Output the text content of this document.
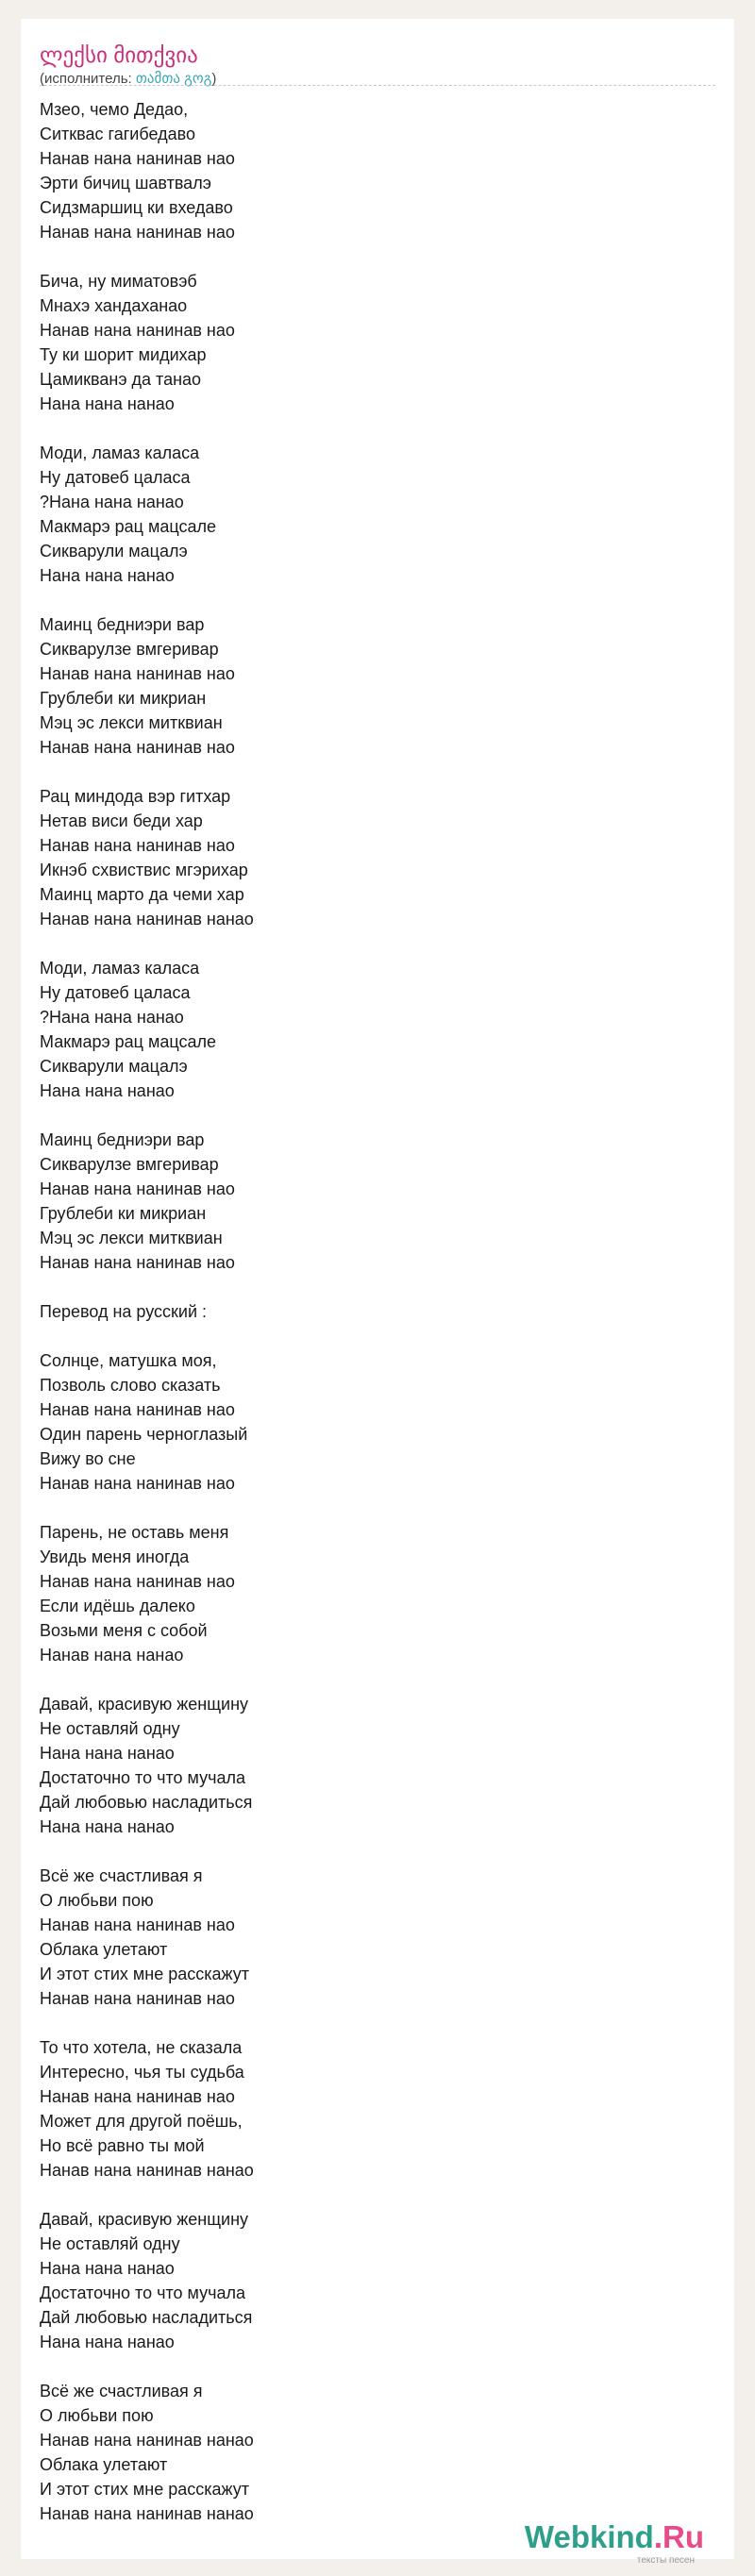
ლექსი მითქვია
(исполнитель: თამთა გოგ)
Мзео, чемо Дедао,
Ситквас гагибедаво
Нанав нана нанинав нао
Эрти бичиц шавтвалэ
Сидзмаршиц ки вхедаво
Нанав нана нанинав нао
Бича, ну миматовэб
Мнахэ хандаханао
Нанав нана нанинав нао
Ту ки шорит мидихар
Цамикванэ да танао
Нана нана нанао
Моди, ламаз каласа
Ну датовеб цаласа
?Нана нана нанао
Макмарэ рац мацсале
Сикварули мацалэ
Нана нана нанао
Маинц бедниэри вар
Сикварулзе вмгеривар
Нанав нана нанинав нао
Грублеби ки микриан
Мэц эс лекси митквиан
Нанав нана нанинав нао
Рац миндода вэр гитхар
Нетав виси беди хар
Нанав нана нанинав нао
Икнэб схвиствис мгэрихар
Маинц марто да чеми хар
Нанав нана нанинав нанао
Моди, ламаз каласа
Ну датовеб цаласа
?Нана нана нанао
Макмарэ рац мацсале
Сикварули мацалэ
Нана нана нанао
Маинц бедниэри вар
Сикварулзе вмгеривар
Нанав нана нанинав нао
Грублеби ки микриан
Мэц эс лекси митквиан
Нанав нана нанинав нао
Перевод на русский :
Солнце, матушка моя,
Позволь слово сказать
Нанав нана нанинав нао
Один парень черноглазый
Вижу во сне
Нанав нана нанинав нао
Парень, не оставь меня
Увидь меня иногда
Нанав нана нанинав нао
Если идёшь далеко
Возьми меня с собой
Нанав нана нанао
Давай, красивую женщину
Не оставляй одну
Нана нана нанао
Достаточно то что мучала
Дай любовью насладиться
Нана нана нанао
Всё же счастливая я
О любьви пою
Нанав нана нанинав нао
Облака улетают
И этот стих мне расскажут
Нанав нана нанинав нао
То что хотела, не сказала
Интересно, чья ты судьба
Нанав нана нанинав нао
Может для другой поёшь,
Но всё равно ты мой
Нанав нана нанинав нанао
Давай, красивую женщину
Не оставляй одну
Нана нана нанао
Достаточно то что мучала
Дай любовью насладиться
Нана нана нанао
Всё же счастливая я
О любьви пою
Нанав нана нанинав нанао
Облака улетают
И этот стих мне расскажут
Нанав нана нанинав нанао
Webkind.Ru
тексты песен
